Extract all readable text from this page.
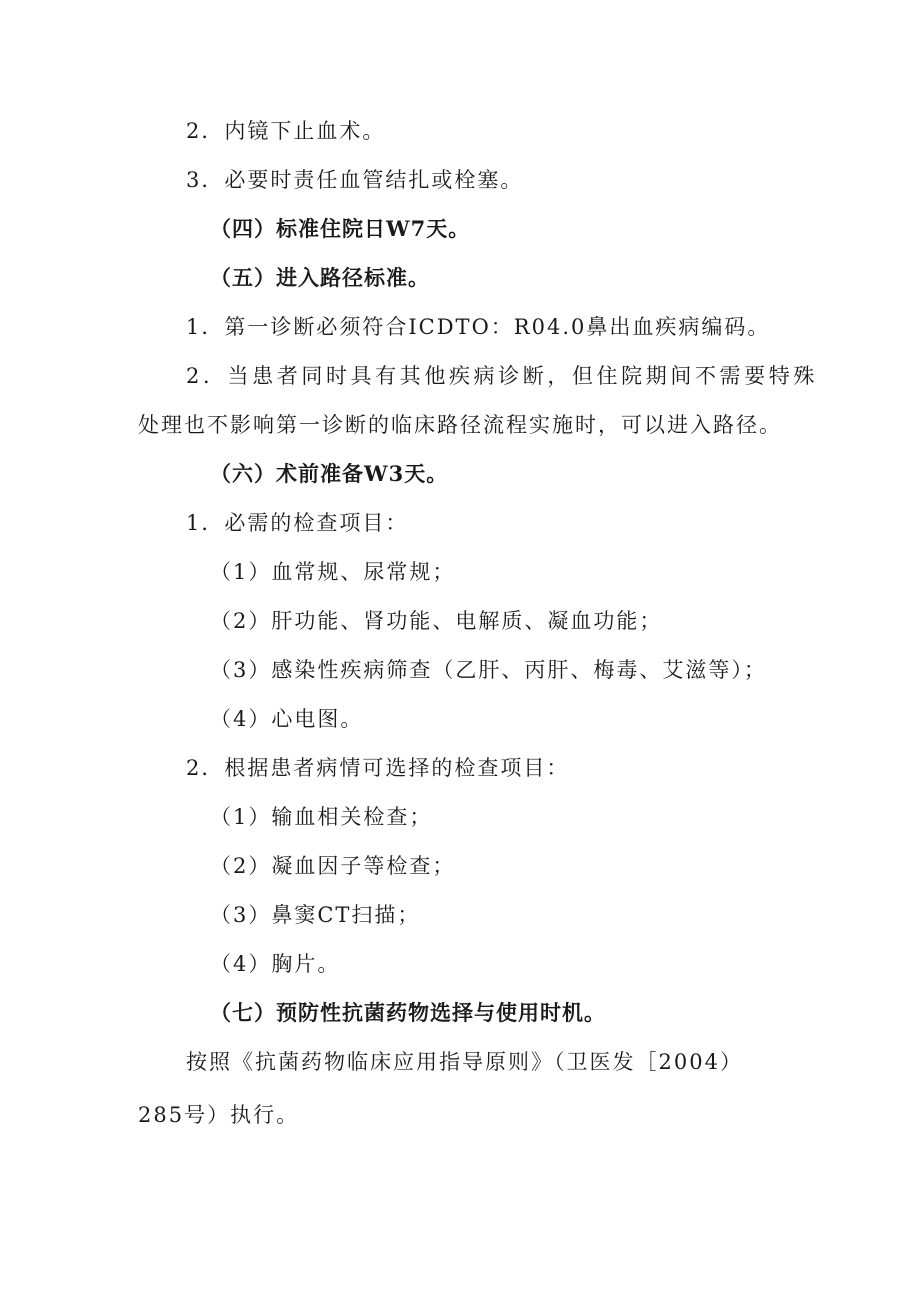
2．内镜下止血术。
3．必要时责任血管结扎或栓塞。
（四）标准住院日W7天。
（五）进入路径标准。
1．第一诊断必须符合ICDTO：R04.0鼻出血疾病编码。
2．当患者同时具有其他疾病诊断，但住院期间不需要特殊
处理也不影响第一诊断的临床路径流程实施时，可以进入路径。
（六）术前准备W3天。
1．必需的检查项目：
（1）血常规、尿常规；
（2）肝功能、肾功能、电解质、凝血功能；
（3）感染性疾病筛查（乙肝、丙肝、梅毒、艾滋等）；
（4）心电图。
2．根据患者病情可选择的检查项目：
（1）输血相关检查；
（2）凝血因子等检查；
（3）鼻窦CT扫描；
（4）胸片。
（七）预防性抗菌药物选择与使用时机。
按照《抗菌药物临床应用指导原则》（卫医发［2004）
285号）执行。
